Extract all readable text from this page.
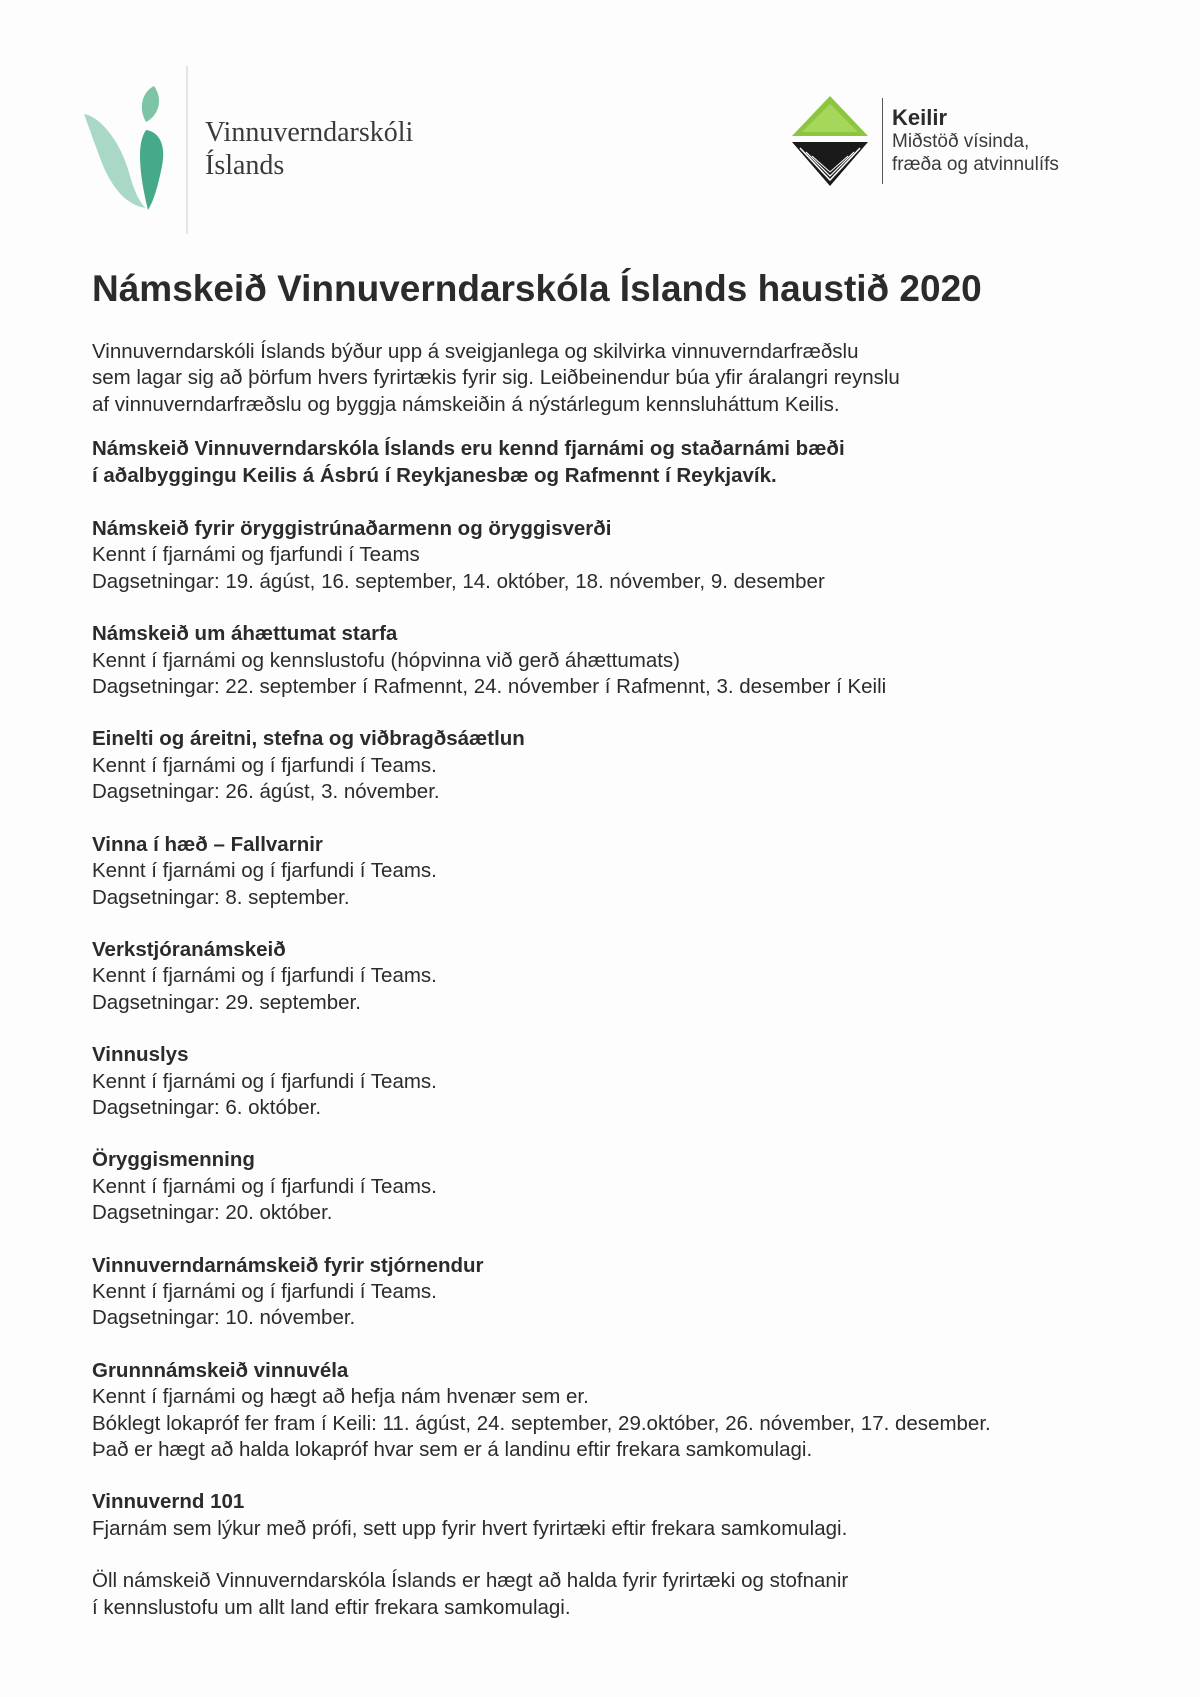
Vinnuverndarskóli
Íslands
Keilir
Miðstöð vísinda,
fræða og atvinnulífs
Námskeið Vinnuverndarskóla Íslands haustið 2020

Vinnuverndarskóli Íslands býður upp á sveigjanlega og skilvirka vinnuverndarfræðslu
sem lagar sig að þörfum hvers fyrirtækis fyrir sig. Leiðbeinendur búa yfir áralangri reynslu
af vinnuverndarfræðslu og byggja námskeiðin á nýstárlegum kennsluháttum Keilis.

Námskeið Vinnuverndarskóla Íslands eru kennd fjarnámi og staðarnámi bæði
í aðalbyggingu Keilis á Ásbrú í Reykjanesbæ og Rafmennt í Reykjavík.

Námskeið fyrir öryggistrúnaðarmenn og öryggisverði
Kennt í fjarnámi og fjarfundi í Teams
Dagsetningar: 19. ágúst, 16. september, 14. október, 18. nóvember, 9. desember
Námskeið um áhættumat starfa
Kennt í fjarnámi og kennslustofu (hópvinna við gerð áhættumats)
Dagsetningar: 22. september í Rafmennt, 24. nóvember í Rafmennt, 3. desember í Keili
Einelti og áreitni, stefna og viðbragðsáætlun
Kennt í fjarnámi og í fjarfundi í Teams.
Dagsetningar: 26. ágúst, 3. nóvember.
Vinna í hæð – Fallvarnir
Kennt í fjarnámi og í fjarfundi í Teams.
Dagsetningar: 8. september.
Verkstjóranámskeið
Kennt í fjarnámi og í fjarfundi í Teams.
Dagsetningar: 29. september.
Vinnuslys
Kennt í fjarnámi og í fjarfundi í Teams.
Dagsetningar: 6. október.
Öryggismenning
Kennt í fjarnámi og í fjarfundi í Teams.
Dagsetningar: 20. október.
Vinnuverndarnámskeið fyrir stjórnendur
Kennt í fjarnámi og í fjarfundi í Teams.
Dagsetningar: 10. nóvember.
Grunnnámskeið vinnuvéla
Kennt í fjarnámi og hægt að hefja nám hvenær sem er.
Bóklegt lokapróf fer fram í Keili: 11. ágúst, 24. september, 29.október, 26. nóvember, 17. desember.
Það er hægt að halda lokapróf hvar sem er á landinu eftir frekara samkomulagi.
Vinnuvernd 101
Fjarnám sem lýkur með prófi, sett upp fyrir hvert fyrirtæki eftir frekara samkomulagi.
Öll námskeið Vinnuverndarskóla Íslands er hægt að halda fyrir fyrirtæki og stofnanir
í kennslustofu um allt land eftir frekara samkomulagi.
